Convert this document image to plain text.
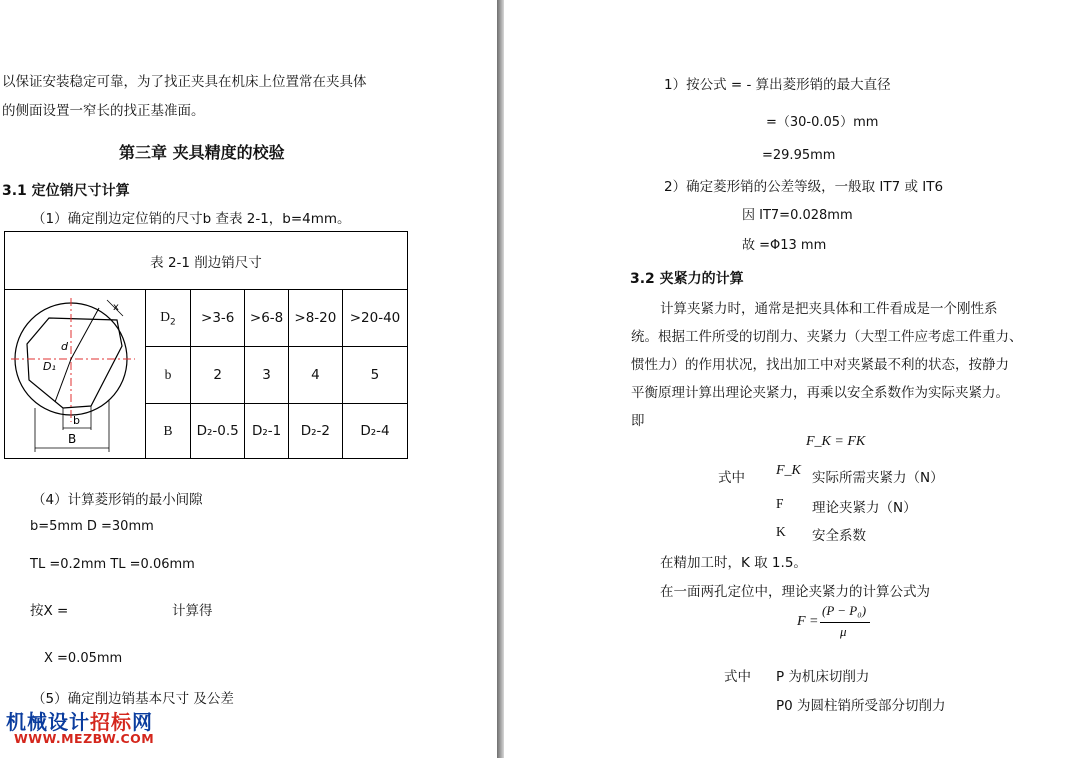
以保证安装稳定可靠，为了找正夹具在机床上位置常在夹具体
的侧面设置一窄长的找正基准面。
第三章 夹具精度的校验
3.1 定位销尺寸计算
（1）确定削边定位销的尺寸b 查表 2-1，b=4mm。
表 2-1 削边销尺寸					

d
D₁
x
b
B	$D_2$	>3-6	>6-8	>8-20	>20-40
	b	2	3	4	5
	B	D₂-0.5	D₂-1	D₂-2	D₂-4
（4）计算菱形销的最小间隙
b=5mm D =30mm
TL =0.2mm TL =0.06mm
按X =	计算得
X =0.05mm
（5）确定削边销基本尺寸 及公差
机械设计招标网
WWW.MEZBW.COM
1）按公式 = - 算出菱形销的最大直径
=（30-0.05）mm
=29.95mm
2）确定菱形销的公差等级，一般取 IT7 或 IT6
因 IT7=0.028mm
故 =Φ13 mm
3.2 夹紧力的计算
计算夹紧力时，通常是把夹具体和工件看成是一个刚性系
统。根据工件所受的切削力、夹紧力（大型工件应考虑工件重力、
惯性力）的作用状况，找出加工中对夹紧最不利的状态，按静力
平衡原理计算出理论夹紧力，再乘以安全系数作为实际夹紧力。
即
F_K = FK
式中 F_K 实际所需夹紧力（N）
F 理论夹紧力（N）
K 安全系数
在精加工时，K 取 1.5。
在一面两孔定位中，理论夹紧力的计算公式为
F =
(P − P₀)
μ
式中 P 为机床切削力
P0 为圆柱销所受部分切削力
